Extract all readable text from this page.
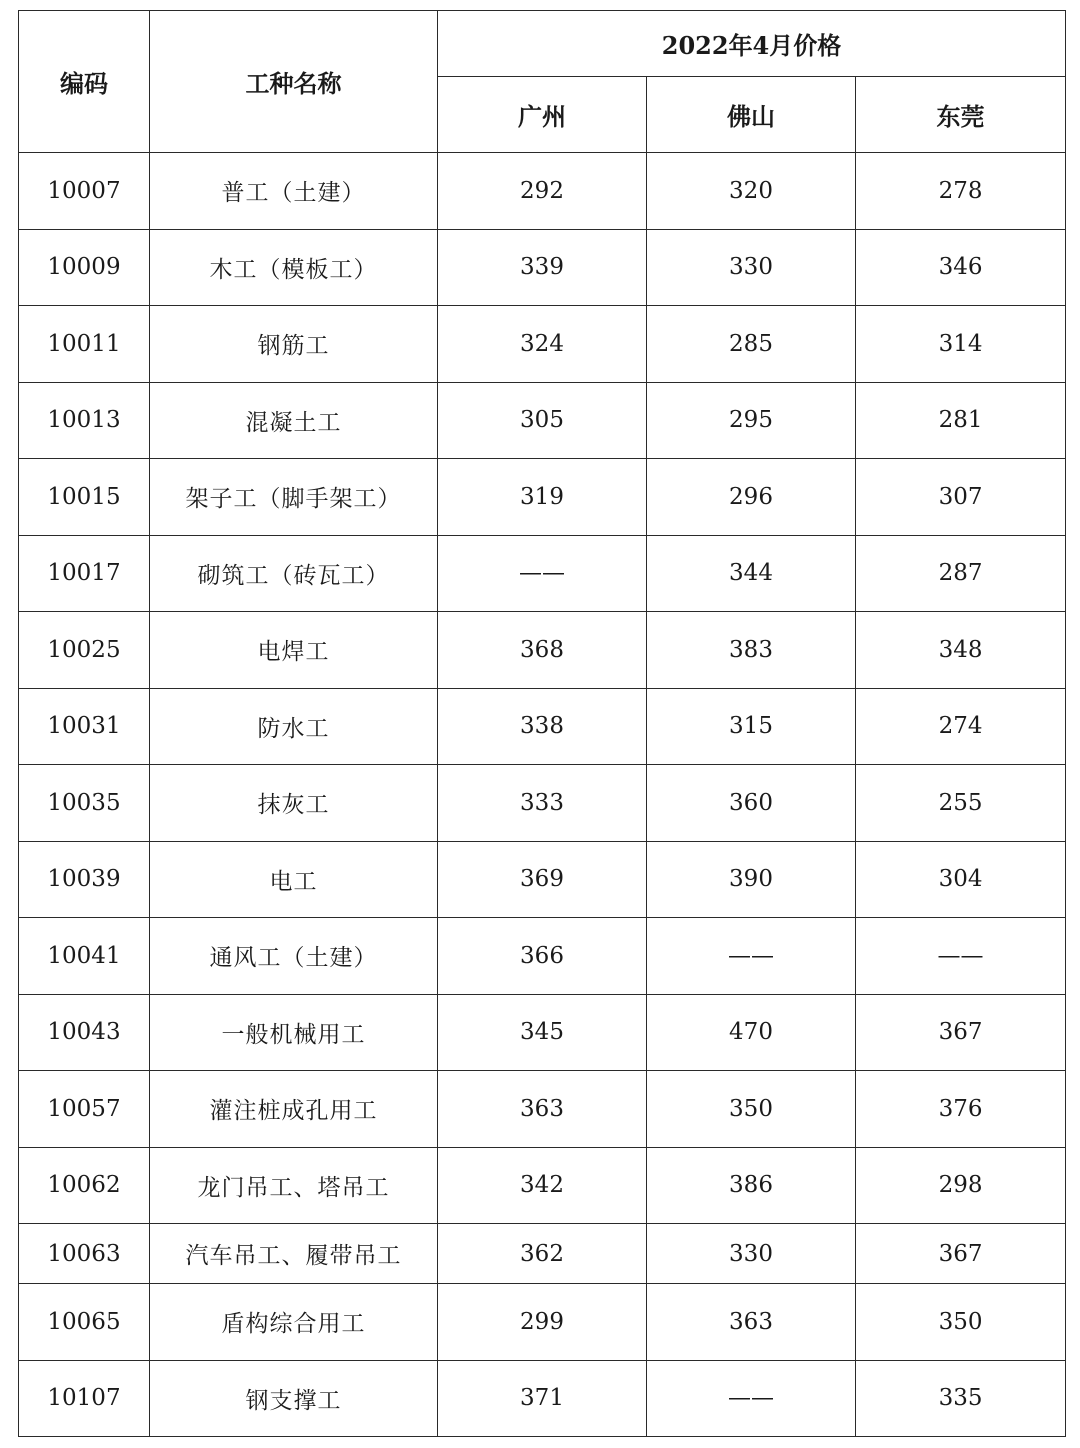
编码	工种名称	2022年4月价格		
		广州	佛山	东莞
10007	普工（土建）	292	320	278
10009	木工（模板工）	339	330	346
10011	钢筋工	324	285	314
10013	混凝土工	305	295	281
10015	架子工（脚手架工）	319	296	307
10017	砌筑工（砖瓦工）	——	344	287
10025	电焊工	368	383	348
10031	防水工	338	315	274
10035	抹灰工	333	360	255
10039	电工	369	390	304
10041	通风工（土建）	366	——	——
10043	一般机械用工	345	470	367
10057	灌注桩成孔用工	363	350	376
10062	龙门吊工、塔吊工	342	386	298
10063	汽车吊工、履带吊工	362	330	367
10065	盾构综合用工	299	363	350
10107	钢支撑工	371	——	335
